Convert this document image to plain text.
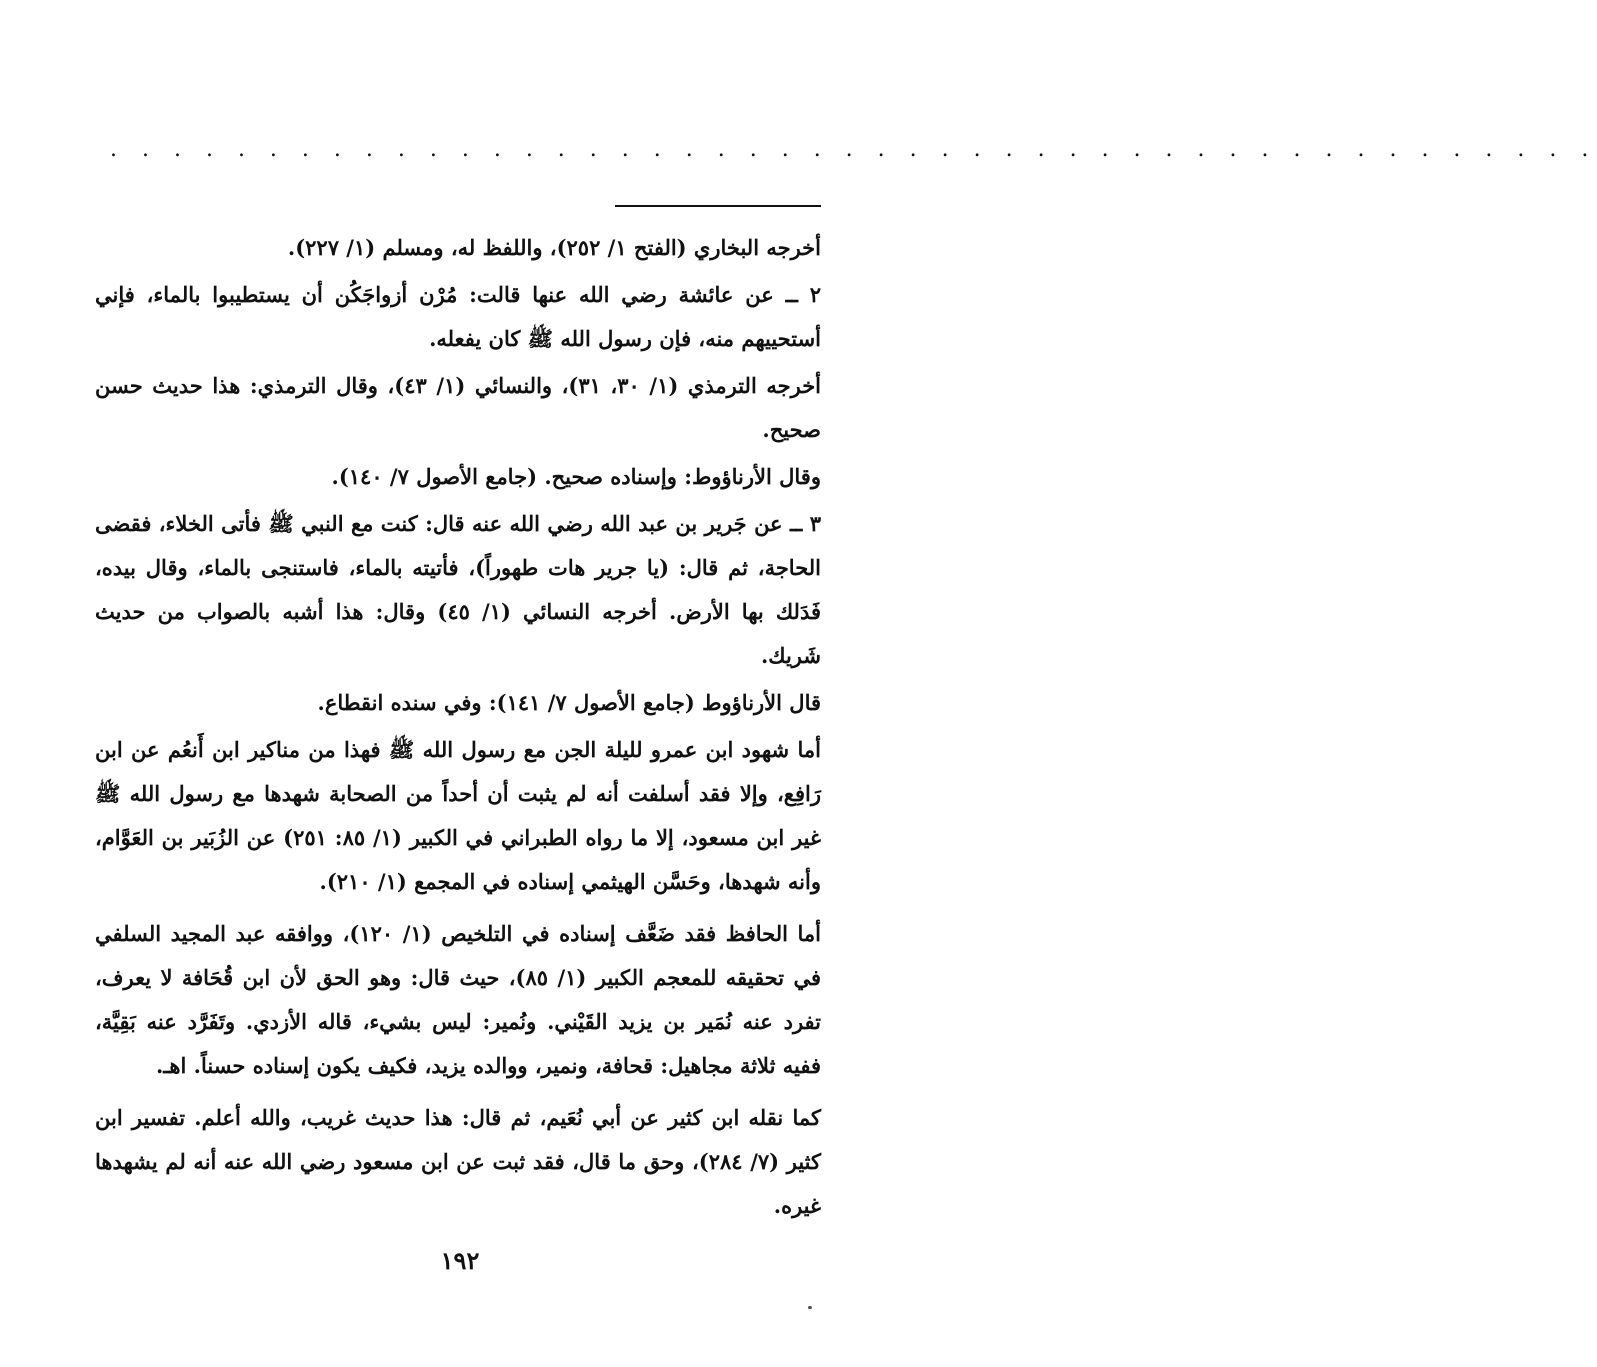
. . . . . . . . . . . . . . . . . . . . . . . . . . . . . . . . . . . . . . . . . . . . . . .

أخرجه البخاري (الفتح ١/ ٢٥٢)، واللفظ له، ومسلم (١/ ٢٢٧).

٢ ــ عن عائشة رضي الله عنها قالت: مُرْن أزواجَكُن أن يستطيبوا بالماء، فإني أستحييهم منه، فإن رسول الله ﷺ كان يفعله.

أخرجه الترمذي (١/ ٣٠، ٣١)، والنسائي (١/ ٤٣)، وقال الترمذي: هذا حديث حسن صحيح.

وقال الأرناؤوط: وإسناده صحيح. (جامع الأصول ٧/ ١٤٠).

٣ ــ عن جَرير بن عبد الله رضي الله عنه قال: كنت مع النبي ﷺ فأتى الخلاء، فقضى الحاجة، ثم قال: (يا جرير هات طهوراً)، فأتيته بالماء، فاستنجى بالماء، وقال بيده، فَدَلك بها الأرض. أخرجه النسائي (١/ ٤٥) وقال: هذا أشبه بالصواب من حديث شَريك.

قال الأرناؤوط (جامع الأصول ٧/ ١٤١): وفي سنده انقطاع.

أما شهود ابن عمرو لليلة الجن مع رسول الله ﷺ فهذا من مناكير ابن أَنعُم عن ابن رَافِع، وإلا فقد أسلفت أنه لم يثبت أن أحداً من الصحابة شهدها مع رسول الله ﷺ غير ابن مسعود، إلا ما رواه الطبراني في الكبير (١/ ٨٥: ٢٥١) عن الزُبَير بن العَوَّام، وأنه شهدها، وحَسَّن الهيثمي إسناده في المجمع (١/ ٢١٠).

أما الحافظ فقد ضَعَّف إسناده في التلخيص (١/ ١٢٠)، ووافقه عبد المجيد السلفي في تحقيقه للمعجم الكبير (١/ ٨٥)، حيث قال: وهو الحق لأن ابن قُحَافة لا يعرف، تفرد عنه نُمَير بن يزيد القَيْني. ونُمير: ليس بشيء، قاله الأزدي. وتَفَرَّد عنه بَقِيَّة، ففيه ثلاثة مجاهيل: قحافة، ونمير، ووالده يزيد، فكيف يكون إسناده حسناً. اهـ.

كما نقله ابن كثير عن أبي نُعَيم، ثم قال: هذا حديث غريب، والله أعلم. تفسير ابن كثير (٧/ ٢٨٤)، وحق ما قال، فقد ثبت عن ابن مسعود رضي الله عنه أنه لم يشهدها غيره.

١٩٢
